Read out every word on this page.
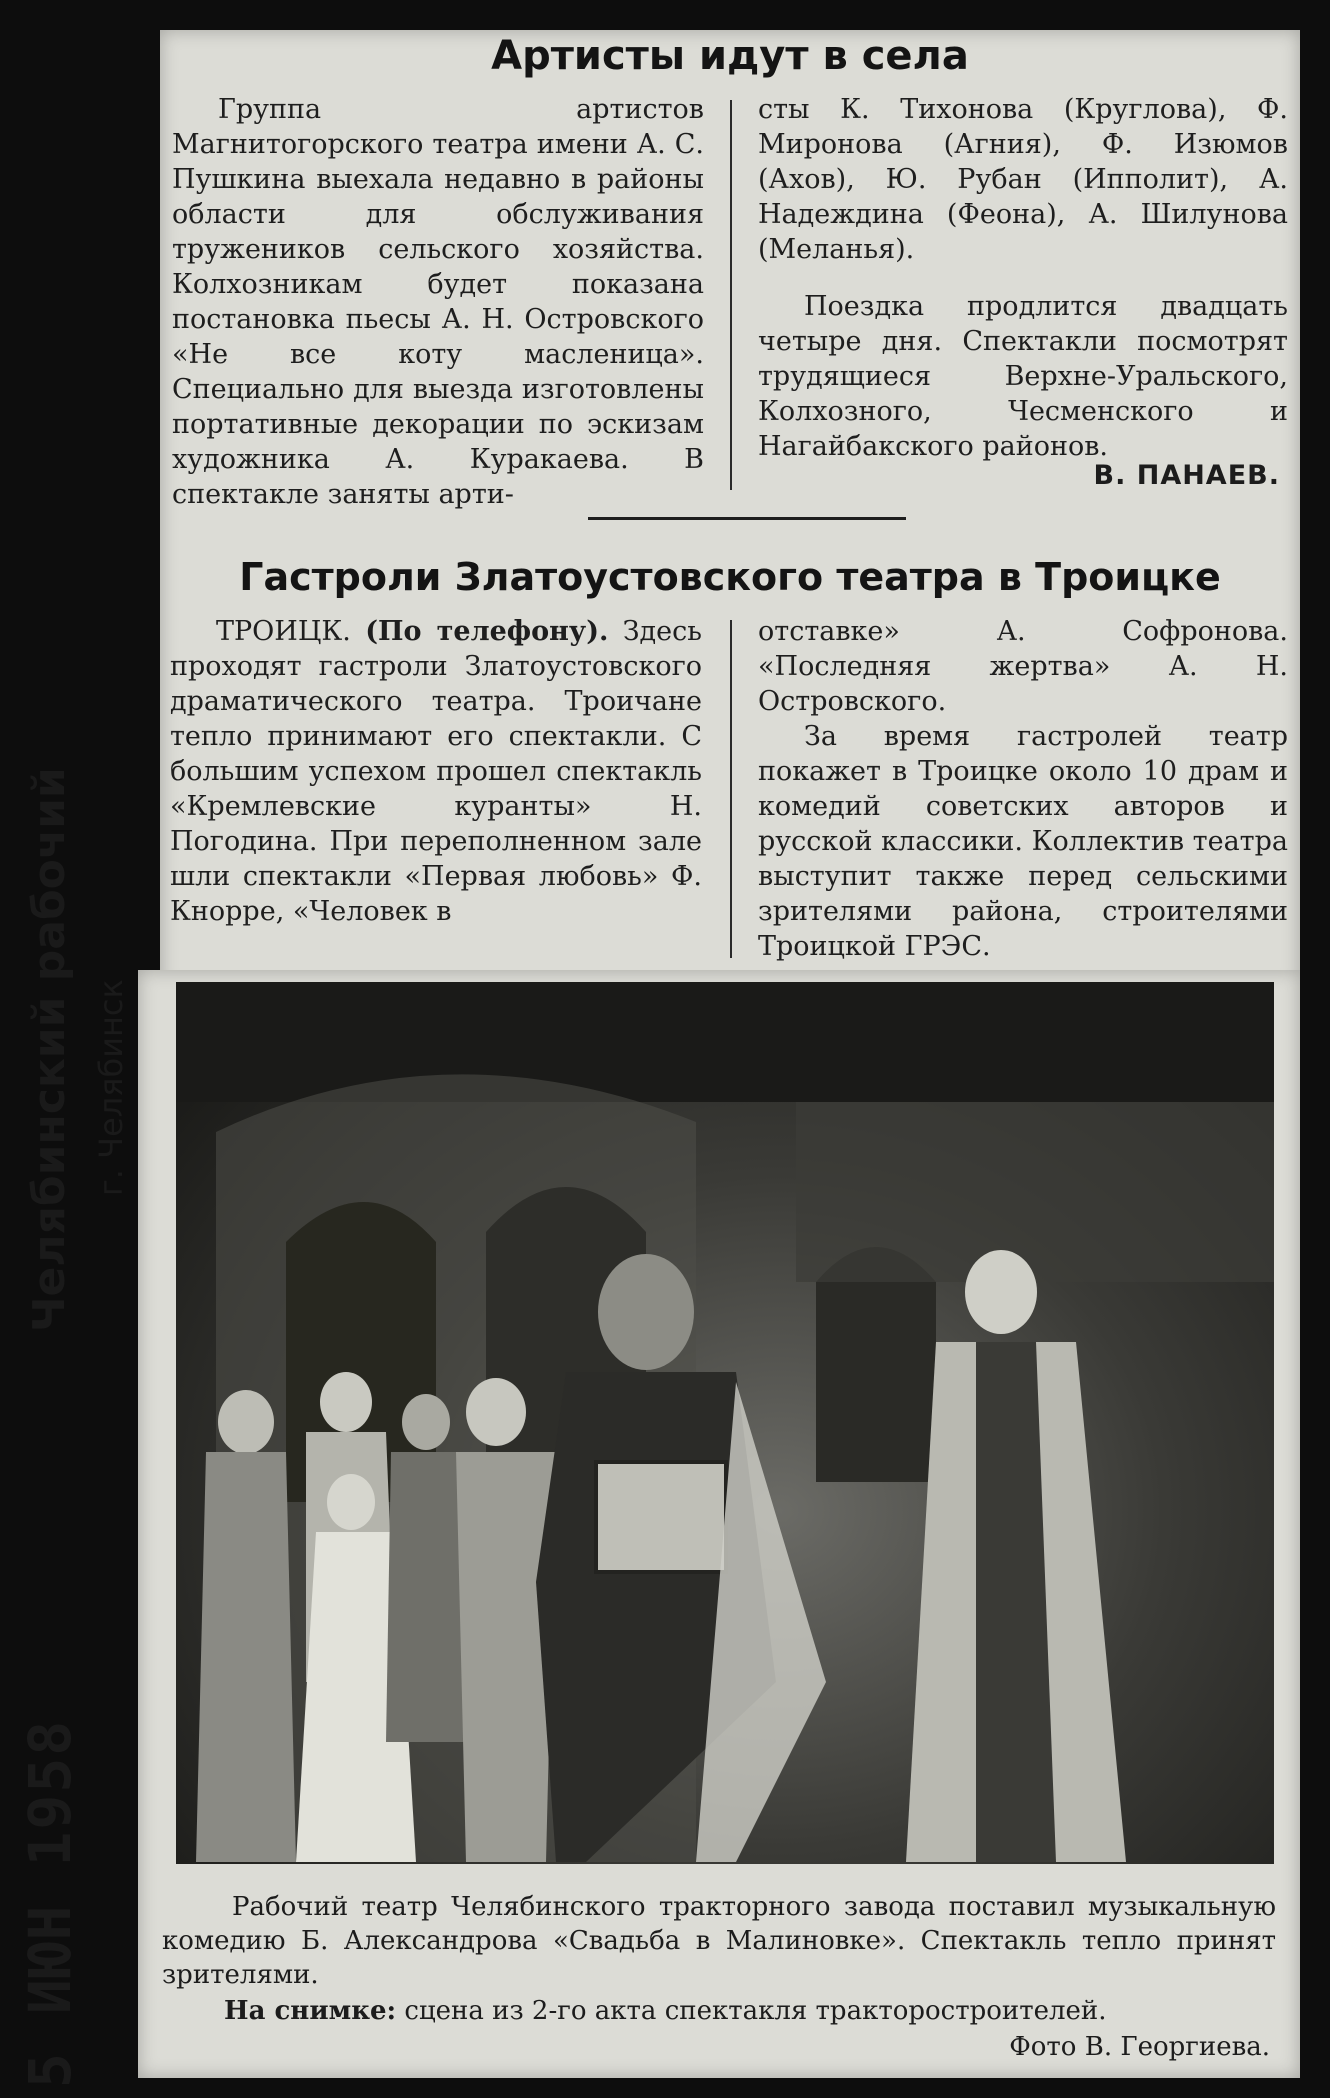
Артисты идут в села

Группа артистов Магнитогорского театра имени А. С. Пушкина выехала недавно в районы области для обслуживания тружеников сельского хозяйства. Колхозникам будет показана постановка пьесы А. Н. Островского «Не все коту масленица». Специально для выезда изготовлены портативные декорации по эскизам художника А. Куракаева. В спектакле заняты арти-

сты К. Тихонова (Круглова), Ф. Миронова (Агния), Ф. Изюмов (Ахов), Ю. Рубан (Ипполит), А. Надеждина (Феона), А. Шилунова (Меланья).

Поездка продлится двадцать четыре дня. Спектакли посмотрят трудящиеся Верхне-Уральского, Колхозного, Чесменского и Нагайбакского районов.

В. ПАНАЕВ.
Гастроли Златоустовского театра в Троицке

ТРОИЦК. (По телефону). Здесь проходят гастроли Златоустовского драматического театра. Троичане тепло принимают его спектакли. С большим успехом прошел спектакль «Кремлевские куранты» Н. Погодина. При переполненном зале шли спектакли «Первая любовь» Ф. Кнорре, «Человек в

отставке» А. Софронова. «Последняя жертва» А. Н. Островского.

За время гастролей театр покажет в Троицке около 10 драм и комедий советских авторов и русской классики. Коллектив театра выступит также перед сельскими зрителями района, строителями Троицкой ГРЭС.

Рабочий театр Челябинского тракторного завода поставил музыкальную комедию Б. Александрова «Свадьба в Малиновке». Спектакль тепло принят зрителями.
На снимке: сцена из 2-го акта спектакля тракторостроителей.
Фото В. Георгиева.
Челябинский рабочий г. Челябинск
5 ИЮН 1958
